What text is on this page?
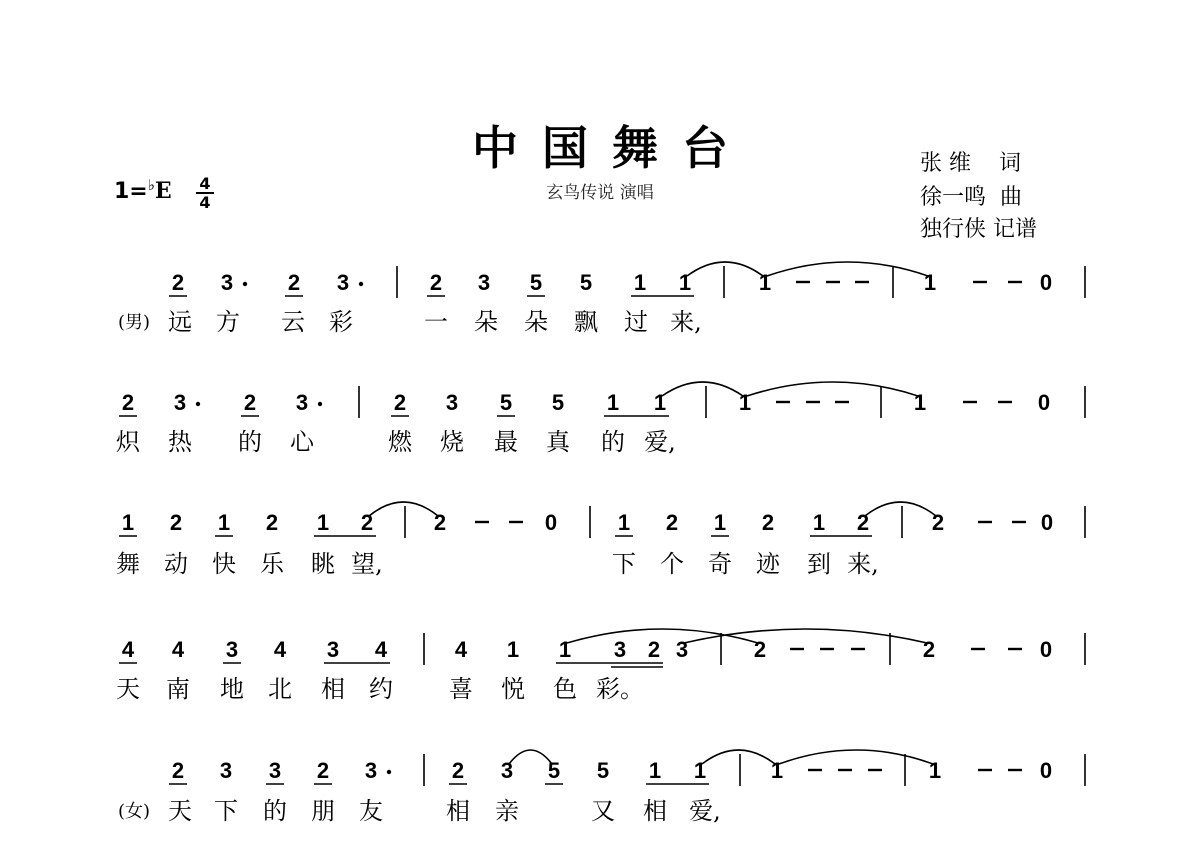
中国舞台
玄鸟传说 演唱
1=♭E 4
4
张 维    词
徐一鸣  曲
独行侠 记谱
(男)
2 3 2 3	2 3 5 5 1 1	1	1	0
远 方 云 彩	一 朵 朵 飘 过 来,
2 3	2 3	2 3 5 5 1 1	1	1	0
炽 热 的 心	燃 烧 最 真 的 爱,
1 2 1 2 1 2	2	0	1 2 1 2 1 2	2	0
舞 动 快 乐 眺 望,	下 个 奇 迹 到 来,
4 4 3 4 3 4	4 1 1 3 2 3	2	2	0
天 南 地 北 相 约 喜 悦 色 彩。
(女)
2 3 3 2 3	2 3 5 5 1 1	1	1	0
天 下 的 朋 友	相 亲	又 相 爱,
